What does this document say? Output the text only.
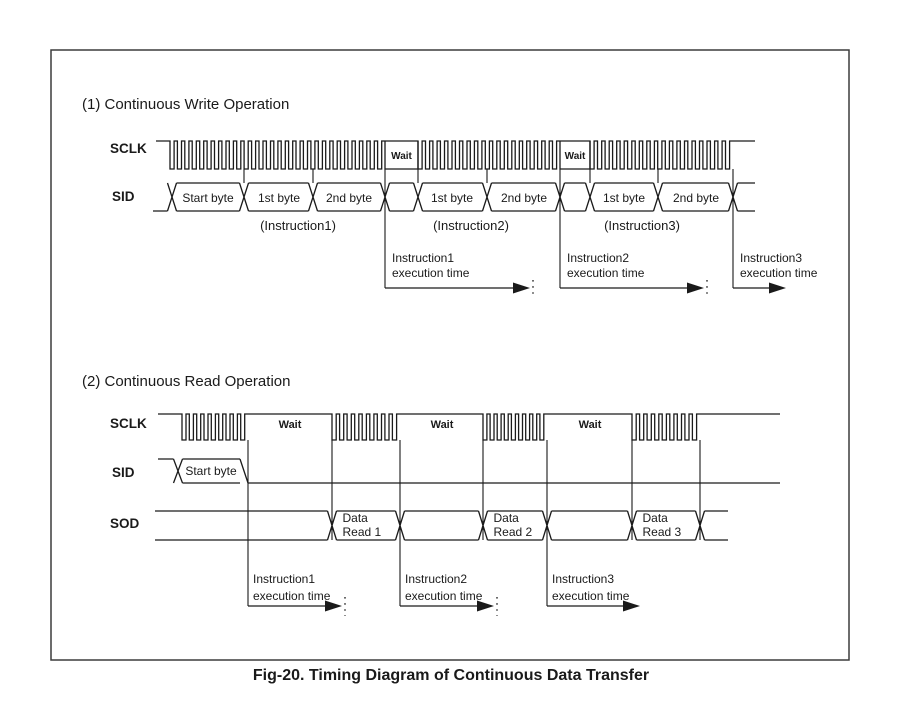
(1) Continuous Write Operation
(2) Continuous Read Operation
Fig-20. Timing Diagram of Continuous Data Transfer
SCLK
SID
Wait	Wait
Start byte 1st byte 2nd byte	1st byte 2nd byte	1st byte 2nd byte
(Instruction1)	(Instruction2)	(Instruction3)
Instruction1
execution time
Instruction2
execution time
Instruction3
execution time
SCLK
SID
SOD
Wait	Wait	Wait
Start byte
Data
Read 1
Data
Read 2
Data
Read 3
Instruction1
execution time
Instruction2
execution time
Instruction3
execution time
